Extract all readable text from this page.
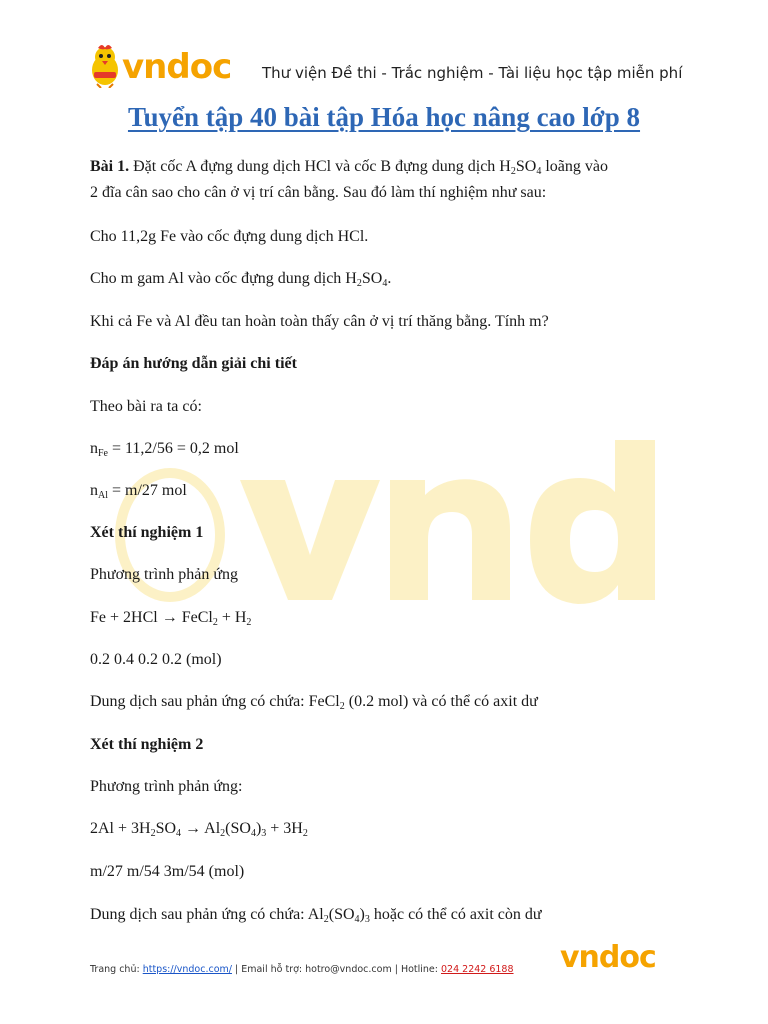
vndoc Thư viện Đề thi - Trắc nghiệm - Tài liệu học tập miễn phí
Tuyển tập 40 bài tập Hóa học nâng cao lớp 8
Bài 1. Đặt cốc A đựng dung dịch HCl và cốc B đựng dung dịch $H_2SO_4$ loãng vào
2 đĩa cân sao cho cân ở vị trí cân bằng. Sau đó làm thí nghiệm như sau:
Cho 11,2g Fe vào cốc đựng dung dịch HCl.
Cho m gam Al vào cốc đựng dung dịch $H_2SO_4$.
Khi cả Fe và Al đều tan hoàn toàn thấy cân ở vị trí thăng bằng. Tính m?
Đáp án hướng dẫn giải chi tiết
Theo bài ra ta có:
$n_{Fe} = 11,2/56 = 0,2$ mol
$n_{Al} = m/27$ mol
Xét thí nghiệm 1
Phương trình phản ứng
Fe + 2HCl → FeCl$_2$ + $H_2$
0.2 0.4 0.2 0.2 (mol)
Dung dịch sau phản ứng có chứa: FeCl$_2$ (0.2 mol) và có thể có axit dư
Xét thí nghiệm 2
Phương trình phản ứng:
$2Al + 3H_2SO_4 \to Al_2(SO_4)_3 + 3H_2$
m/27 m/54 3m/54 (mol)
Dung dịch sau phản ứng có chứa: $Al_2(SO_4)_3$ hoặc có thể có axit còn dư
Trang chủ: https://vndoc.com/ | Email hỗ trợ: hotro@vndoc.com | Hotline: 024 2242 6188 vndoc
